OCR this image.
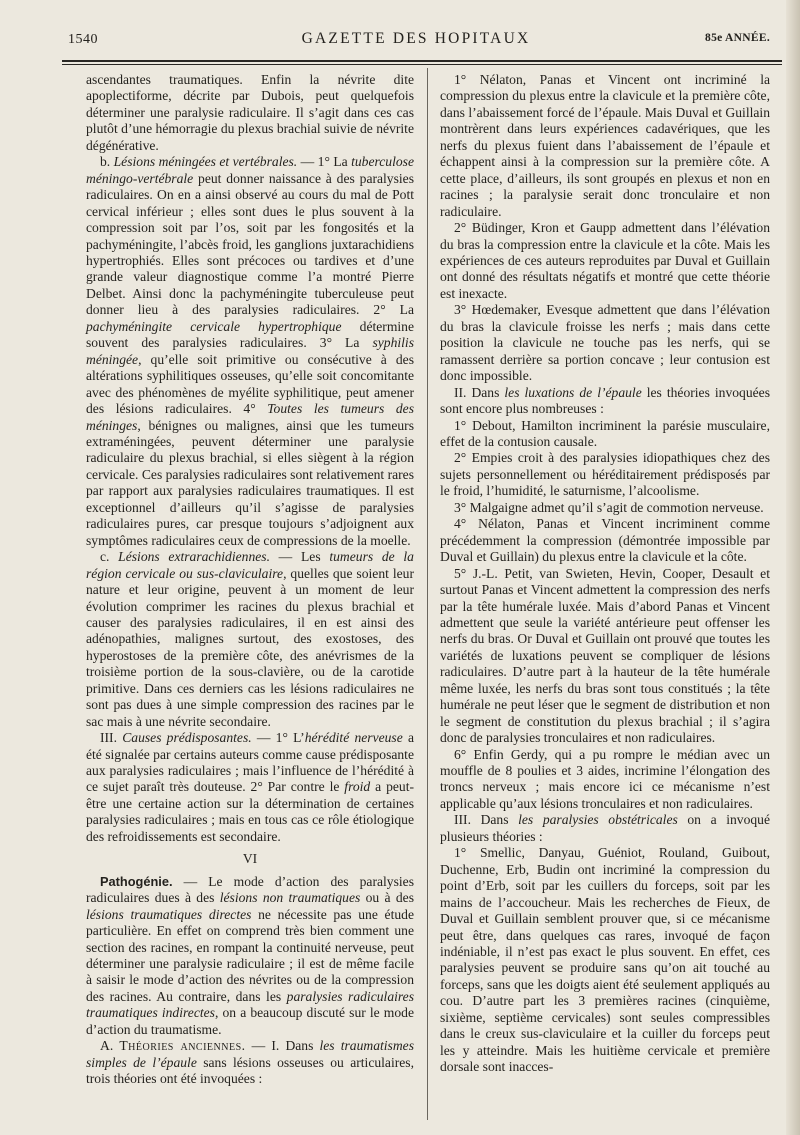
1540	GAZETTE DES HOPITAUX	85e ANNÉE.

ascendantes traumatiques. Enfin la névrite dite apoplectiforme, décrite par Dubois, peut quelquefois déterminer une paralysie radiculaire. Il s’agit dans ces cas plutôt d’une hémorragie du plexus brachial suivie de névrite dégénérative.

b. Lésions méningées et vertébrales. — 1° La tuberculose méningo-vertébrale peut donner naissance à des paralysies radiculaires. On en a ainsi observé au cours du mal de Pott cervical inférieur ; elles sont dues le plus souvent à la compression soit par l’os, soit par les fongosités et la pachyméningite, l’abcès froid, les ganglions juxtarachidiens hypertrophiés. Elles sont précoces ou tardives et d’une grande valeur diagnostique comme l’a montré Pierre Delbet. Ainsi donc la pachyméningite tuberculeuse peut donner lieu à des paralysies radiculaires. 2° La pachyméningite cervicale hypertrophique détermine souvent des paralysies radiculaires. 3° La syphilis méningée, qu’elle soit primitive ou consécutive à des altérations syphilitiques osseuses, qu’elle soit concomitante avec des phénomènes de myélite syphilitique, peut amener des lésions radiculaires. 4° Toutes les tumeurs des méninges, bénignes ou malignes, ainsi que les tumeurs extraméningées, peuvent déterminer une paralysie radiculaire du plexus brachial, si elles siègent à la région cervicale. Ces paralysies radiculaires sont relativement rares par rapport aux paralysies radiculaires traumatiques. Il est exceptionnel d’ailleurs qu’il s’agisse de paralysies radiculaires pures, car presque toujours s’adjoignent aux symptômes radiculaires ceux de compressions de la moelle.

c. Lésions extrarachidiennes. — Les tumeurs de la région cervicale ou sus-claviculaire, quelles que soient leur nature et leur origine, peuvent à un moment de leur évolution comprimer les racines du plexus brachial et causer des paralysies radiculaires, il en est ainsi des adénopathies, malignes surtout, des exostoses, des hyperostoses de la première côte, des anévrismes de la troisième portion de la sous-clavière, ou de la carotide primitive. Dans ces derniers cas les lésions radiculaires ne sont pas dues à une simple compression des racines par le sac mais à une névrite secondaire.

III. Causes prédisposantes. — 1° L’hérédité nerveuse a été signalée par certains auteurs comme cause prédisposante aux paralysies radiculaires ; mais l’influence de l’hérédité à ce sujet paraît très douteuse. 2° Par contre le froid a peut-être une certaine action sur la détermination de certaines paralysies radiculaires ; mais en tous cas ce rôle étiologique des refroidissements est secondaire.

VI

Pathogénie. — Le mode d’action des paralysies radiculaires dues à des lésions non traumatiques ou à des lésions traumatiques directes ne nécessite pas une étude particulière. En effet on comprend très bien comment une section des racines, en rompant la continuité nerveuse, peut déterminer une paralysie radiculaire ; il est de même facile à saisir le mode d’action des névrites ou de la compression des racines. Au contraire, dans les paralysies radiculaires traumatiques indirectes, on a beaucoup discuté sur le mode d’action du traumatisme.

A. Théories anciennes. — I. Dans les traumatismes simples de l’épaule sans lésions osseuses ou articulaires, trois théories ont été invoquées :

1° Nélaton, Panas et Vincent ont incriminé la compression du plexus entre la clavicule et la première côte, dans l’abaissement forcé de l’épaule. Mais Duval et Guillain montrèrent dans leurs expériences cadavériques, que les nerfs du plexus fuient dans l’abaissement de l’épaule et échappent ainsi à la compression sur la première côte. A cette place, d’ailleurs, ils sont groupés en plexus et non en racines ; la paralysie serait donc tronculaire et non radiculaire.

2° Büdinger, Kron et Gaupp admettent dans l’élévation du bras la compression entre la clavicule et la côte. Mais les expériences de ces auteurs reproduites par Duval et Guillain ont donné des résultats négatifs et montré que cette théorie est inexacte.

3° Hœdemaker, Evesque admettent que dans l’élévation du bras la clavicule froisse les nerfs ; mais dans cette position la clavicule ne touche pas les nerfs, qui se ramassent derrière sa portion concave ; leur contusion est donc impossible.

II. Dans les luxations de l’épaule les théories invoquées sont encore plus nombreuses :

1° Debout, Hamilton incriminent la parésie musculaire, effet de la contusion causale.

2° Empies croit à des paralysies idiopathiques chez des sujets personnellement ou héréditairement prédisposés par le froid, l’humidité, le saturnisme, l’alcoolisme.

3° Malgaigne admet qu’il s’agit de commotion nerveuse.

4° Nélaton, Panas et Vincent incriminent comme précédemment la compression (démontrée impossible par Duval et Guillain) du plexus entre la clavicule et la côte.

5° J.-L. Petit, van Swieten, Hevin, Cooper, Desault et surtout Panas et Vincent admettent la compression des nerfs par la tête humérale luxée. Mais d’abord Panas et Vincent admettent que seule la variété antérieure peut offenser les nerfs du bras. Or Duval et Guillain ont prouvé que toutes les variétés de luxations peuvent se compliquer de lésions radiculaires. D’autre part à la hauteur de la tête humérale même luxée, les nerfs du bras sont tous constitués ; la tête humérale ne peut léser que le segment de distribution et non le segment de constitution du plexus brachial ; il s’agira donc de paralysies tronculaires et non radiculaires.

6° Enfin Gerdy, qui a pu rompre le médian avec un mouffle de 8 poulies et 3 aides, incrimine l’élongation des troncs nerveux ; mais encore ici ce mécanisme n’est applicable qu’aux lésions tronculaires et non radiculaires.

III. Dans les paralysies obstétricales on a invoqué plusieurs théories :

1° Smellic, Danyau, Guéniot, Rouland, Guibout, Duchenne, Erb, Budin ont incriminé la compression du point d’Erb, soit par les cuillers du forceps, soit par les mains de l’accoucheur. Mais les recherches de Fieux, de Duval et Guillain semblent prouver que, si ce mécanisme peut être, dans quelques cas rares, invoqué de façon indéniable, il n’est pas exact le plus souvent. En effet, ces paralysies peuvent se produire sans qu’on ait touché au forceps, sans que les doigts aient été seulement appliqués au cou. D’autre part les 3 premières racines (cinquième, sixième, septième cervicales) sont seules compressibles dans le creux sus-claviculaire et la cuiller du forceps peut les y atteindre. Mais les huitième cervicale et première dorsale sont inacces-
